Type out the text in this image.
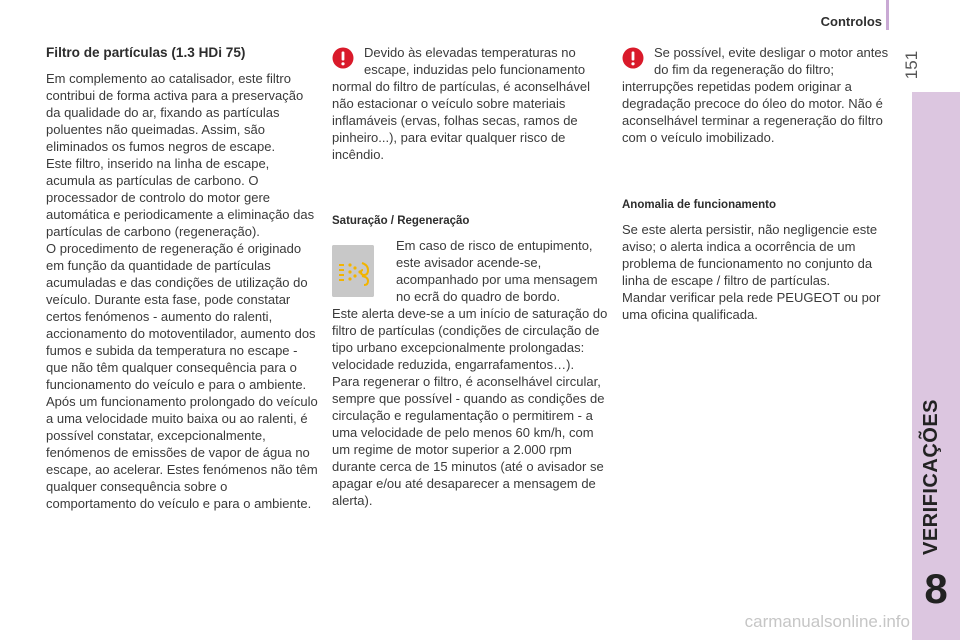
Controlos
151
VERIFICAÇÕES
8
carmanualsonline.info
Filtro de partículas (1.3 HDi 75)

Em complemento ao catalisador, este filtro contribui de forma activa para a preservação da qualidade do ar, fixando as partículas poluentes não queimadas. Assim, são eliminados os fumos negros de escape.
Este filtro, inserido na linha de escape, acumula as partículas de carbono. O processador de controlo do motor gere automática e periodicamente a eliminação das partículas de carbono (regeneração).
O procedimento de regeneração é originado em função da quantidade de partículas acumuladas e das condições de utilização do veículo. Durante esta fase, pode constatar certos fenómenos - aumento do ralenti, accionamento do motoventilador, aumento dos fumos e subida da temperatura no escape - que não têm qualquer consequência para o funcionamento do veículo e para o ambiente.
Após um funcionamento prolongado do veículo a uma velocidade muito baixa ou ao ralenti, é possível constatar, excepcionalmente, fenómenos de emissões de vapor de água no escape, ao acelerar. Estes fenómenos não têm qualquer consequência sobre o comportamento do veículo e para o ambiente.

Devido às elevadas temperaturas no escape, induzidas pelo funcionamento normal do filtro de partículas, é aconselhável não estacionar o veículo sobre materiais inflamáveis (ervas, folhas secas, ramos de pinheiro...), para evitar qualquer risco de incêndio.

Saturação / Regeneração

Em caso de risco de entupimento, este avisador acende-se, acompanhado por uma mensagem no ecrã do quadro de bordo.

Este alerta deve-se a um início de saturação do filtro de partículas (condições de circulação de tipo urbano excepcionalmente prolongadas: velocidade reduzida, engarrafamentos…).
Para regenerar o filtro, é aconselhável circular, sempre que possível - quando as condições de circulação e regulamentação o permitirem - a uma velocidade de pelo menos 60 km/h, com um regime de motor superior a 2.000 rpm durante cerca de 15 minutos (até o avisador se apagar e/ou até desaparecer a mensagem de alerta).

Se possível, evite desligar o motor antes do fim da regeneração do filtro; interrupções repetidas podem originar a degradação precoce do óleo do motor. Não é aconselhável terminar a regeneração do filtro com o veículo imobilizado.

Anomalia de funcionamento

Se este alerta persistir, não negligencie este aviso; o alerta indica a ocorrência de um problema de funcionamento no conjunto da linha de escape / filtro de partículas.
Mandar verificar pela rede PEUGEOT ou por uma oficina qualificada.
